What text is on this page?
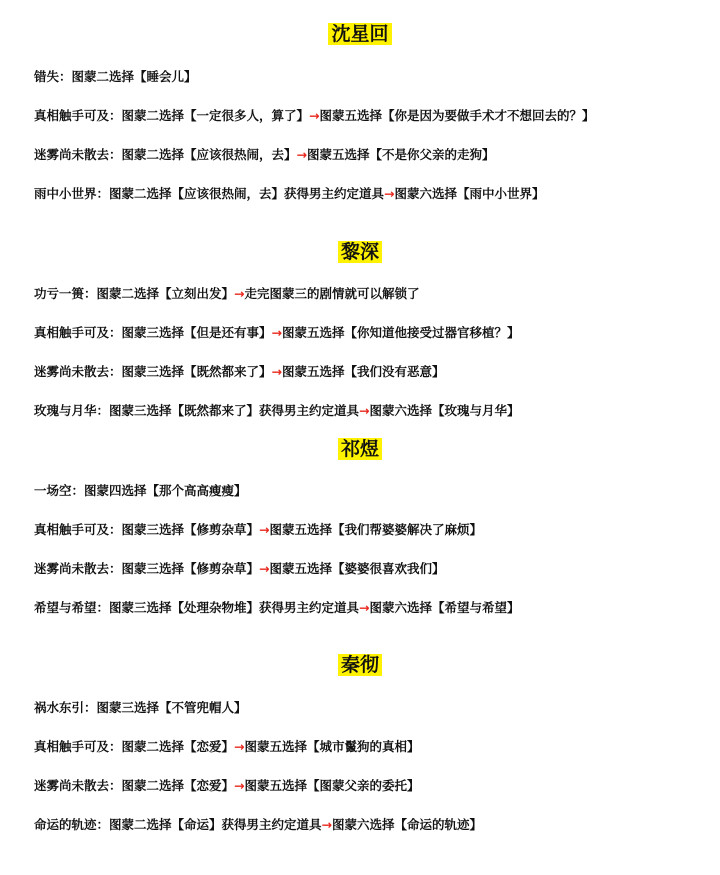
沈星回
错失：图蒙二选择【睡会儿】
真相触手可及：图蒙二选择【一定很多人，算了】→图蒙五选择【你是因为要做手术才不想回去的？】
迷雾尚未散去：图蒙二选择【应该很热闹，去】→图蒙五选择【不是你父亲的走狗】
雨中小世界：图蒙二选择【应该很热闹，去】获得男主约定道具→图蒙六选择【雨中小世界】
黎深
功亏一篑：图蒙二选择【立刻出发】→走完图蒙三的剧情就可以解锁了
真相触手可及：图蒙三选择【但是还有事】→图蒙五选择【你知道他接受过器官移植？】
迷雾尚未散去：图蒙三选择【既然都来了】→图蒙五选择【我们没有恶意】
玫瑰与月华：图蒙三选择【既然都来了】获得男主约定道具→图蒙六选择【玫瑰与月华】
祁煜
一场空：图蒙四选择【那个高高瘦瘦】
真相触手可及：图蒙三选择【修剪杂草】→图蒙五选择【我们帮婆婆解决了麻烦】
迷雾尚未散去：图蒙三选择【修剪杂草】→图蒙五选择【婆婆很喜欢我们】
希望与希望：图蒙三选择【处理杂物堆】获得男主约定道具→图蒙六选择【希望与希望】
秦彻
祸水东引：图蒙三选择【不管兜帽人】
真相触手可及：图蒙二选择【恋爱】→图蒙五选择【城市鬣狗的真相】
迷雾尚未散去：图蒙二选择【恋爱】→图蒙五选择【图蒙父亲的委托】
命运的轨迹：图蒙二选择【命运】获得男主约定道具→图蒙六选择【命运的轨迹】
